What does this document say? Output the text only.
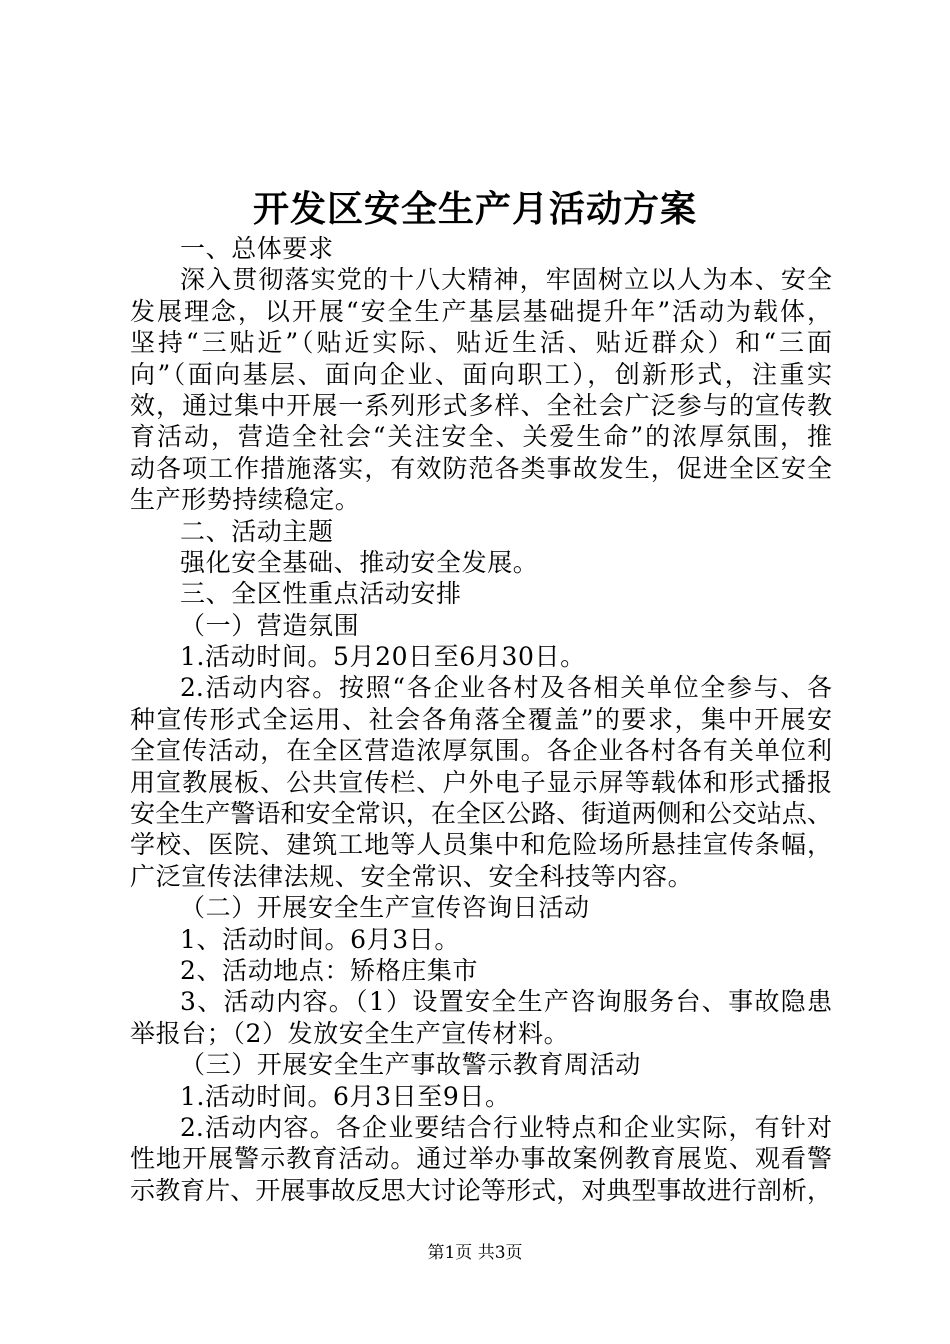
开发区安全生产月活动方案
一、总体要求
深入贯彻落实党的十八大精神，牢固树立以人为本、安全
发展理念，以开展“安全生产基层基础提升年”活动为载体，
坚持“三贴近”（贴近实际、贴近生活、贴近群众）和“三面
向”（面向基层、面向企业、面向职工），创新形式，注重实
效，通过集中开展一系列形式多样、全社会广泛参与的宣传教
育活动，营造全社会“关注安全、关爱生命”的浓厚氛围，推
动各项工作措施落实，有效防范各类事故发生，促进全区安全
生产形势持续稳定。
二、活动主题
强化安全基础、推动安全发展。
三、全区性重点活动安排
（一）营造氛围
1.活动时间。5月20日至6月30日。
2.活动内容。按照“各企业各村及各相关单位全参与、各
种宣传形式全运用、社会各角落全覆盖”的要求，集中开展安
全宣传活动，在全区营造浓厚氛围。各企业各村各有关单位利
用宣教展板、公共宣传栏、户外电子显示屏等载体和形式播报
安全生产警语和安全常识，在全区公路、街道两侧和公交站点、
学校、医院、建筑工地等人员集中和危险场所悬挂宣传条幅，
广泛宣传法律法规、安全常识、安全科技等内容。
（二）开展安全生产宣传咨询日活动
1、活动时间。6月3日。
2、活动地点：矫格庄集市
3、活动内容。（1）设置安全生产咨询服务台、事故隐患
举报台；（2）发放安全生产宣传材料。
（三）开展安全生产事故警示教育周活动
1.活动时间。6月3日至9日。
2.活动内容。各企业要结合行业特点和企业实际，有针对
性地开展警示教育活动。通过举办事故案例教育展览、观看警
示教育片、开展事故反思大讨论等形式，对典型事故进行剖析，
第1页 共3页
